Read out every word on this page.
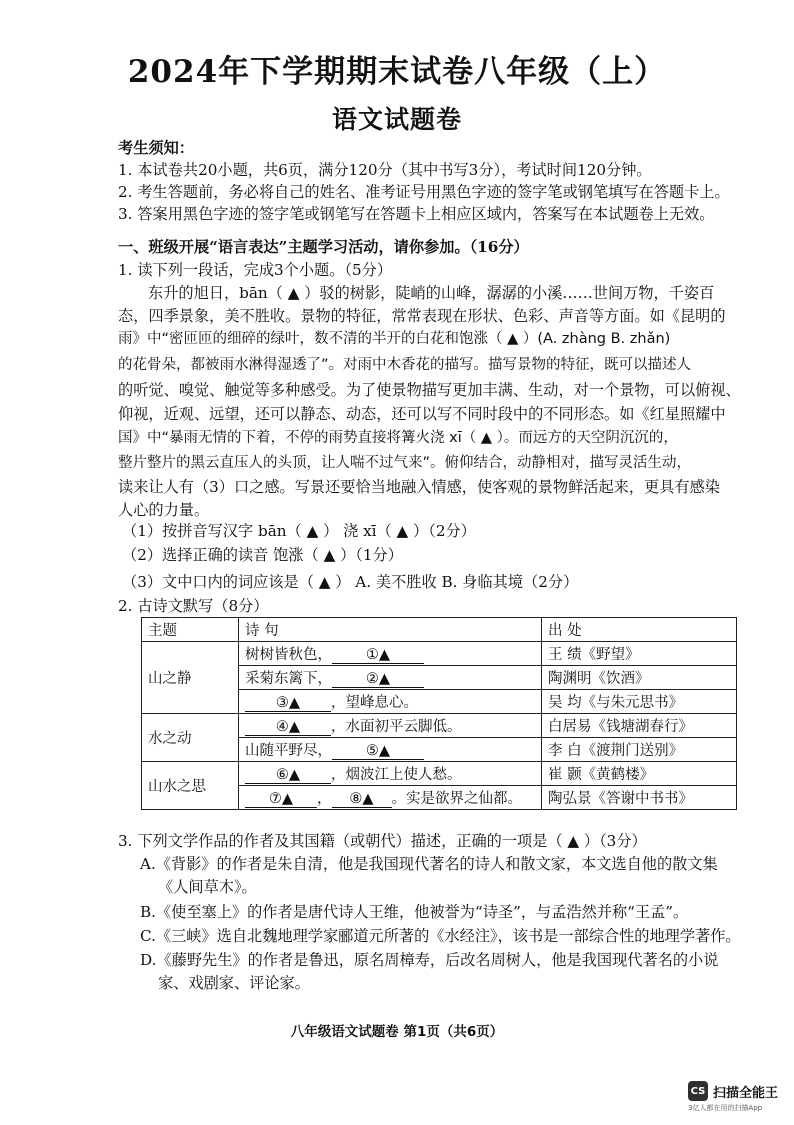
2024年下学期期末试卷八年级（上）
语文试题卷
考生须知：
1. 本试卷共20小题，共6页，满分120分（其中书写3分），考试时间120分钟。
2. 考生答题前，务必将自己的姓名、准考证号用黑色字迹的签字笔或钢笔填写在答题卡上。
3. 答案用黑色字迹的签字笔或钢笔写在答题卡上相应区域内，答案写在本试题卷上无效。
一、班级开展“语言表达”主题学习活动，请你参加。（16分）
1. 读下列一段话，完成3个小题。（5分）
东升的旭日，bān（ ▲ ）驳的树影，陡峭的山峰，潺潺的小溪……世间万物，千姿百
态，四季景象，美不胜收。景物的特征，常常表现在形状、色彩、声音等方面。如《昆明的
雨》中“密匝匝的细碎的绿叶，数不清的半开的白花和饱涨（ ▲ ）(A. zhàng B. zhǎn)
的花骨朵，都被雨水淋得湿透了”。对雨中木香花的描写。描写景物的特征，既可以描述人
的听觉、嗅觉、触觉等多种感受。为了使景物描写更加丰满、生动，对一个景物，可以俯视、
仰视，近观、远望，还可以静态、动态，还可以写不同时段中的不同形态。如《红星照耀中
国》中“暴雨无情的下着，不停的雨势直接将篝火浇 xī（ ▲ ）。而远方的天空阴沉沉的，
整片整片的黑云直压人的头顶，让人喘不过气来”。俯仰结合，动静相对，描写灵活生动，
读来让人有（3）口之感。写景还要恰当地融入情感，使客观的景物鲜活起来，更具有感染
人心的力量。
（1）按拼音写汉字 bān（ ▲ ） 浇 xī（ ▲ ）（2分）
（2）选择正确的读音 饱涨（ ▲ ）（1分）
（3）文中口内的词应该是（ ▲ ） A. 美不胜收 B. 身临其境（2分）
2. 古诗文默写（8分）
主题	诗 句	出 处
山之静	树树皆秋色， ①▲	王 绩《野望》
	采菊东篱下， ②▲	陶渊明《饮酒》
	③▲ ，望峰息心。	吴 均《与朱元思书》
水之动	④▲ ，水面初平云脚低。	白居易《钱塘湖春行》
	山随平野尽， ⑤▲	李 白《渡荆门送别》
山水之思	⑥▲ ，烟波江上使人愁。	崔 颢《黄鹤楼》
	⑦▲ ， ⑧▲ 。实是欲界之仙都。	陶弘景《答谢中书书》
3. 下列文学作品的作者及其国籍（或朝代）描述，正确的一项是（ ▲ ）（3分）
A.《背影》的作者是朱自清，他是我国现代著名的诗人和散文家，本文选自他的散文集
《人间草木》。
B.《使至塞上》的作者是唐代诗人王维，他被誉为“诗圣”，与孟浩然并称“王孟”。
C.《三峡》选自北魏地理学家郦道元所著的《水经注》，该书是一部综合性的地理学著作。
D.《藤野先生》的作者是鲁迅，原名周樟寿，后改名周树人，他是我国现代著名的小说
家、戏剧家、评论家。
八年级语文试题卷 第1页（共6页）
CS 扫描全能王
3亿人都在用的扫描App
